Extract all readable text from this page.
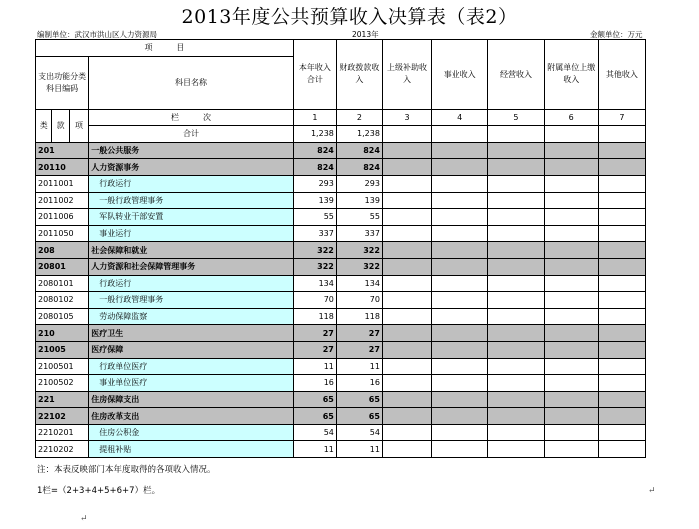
2013年度公共预算收入决算表（表2）
编制单位：武汉市洪山区人力资源局	2013年	金额单位：万元
项　　　目				本年收入合计	财政拨款收入	上级补助收入	事业收入	经营收入	附属单位上缴收入	其他收入
支出功能分类科目编码			科目名称							
类	款	项	栏　　　次	1	2	3	4	5	6	7
			合计	1,238	1,238					
201			一般公共服务	824	824					
20110			人力资源事务	824	824					
2011001			行政运行	293	293					
2011002			一般行政管理事务	139	139					
2011006			军队转业干部安置	55	55					
2011050			事业运行	337	337					
208			社会保障和就业	322	322					
20801			人力资源和社会保障管理事务	322	322					
2080101			行政运行	134	134					
2080102			一般行政管理事务	70	70					
2080105			劳动保障监察	118	118					
210			医疗卫生	27	27					
21005			医疗保障	27	27					
2100501			行政单位医疗	11	11					
2100502			事业单位医疗	16	16					
221			住房保障支出	65	65					
22102			住房改革支出	65	65					
2210201			住房公积金	54	54					
2210202			提租补贴	11	11					
注：本表反映部门本年度取得的各项收入情况。
1栏=（2+3+4+5+6+7）栏。	↵
↵
